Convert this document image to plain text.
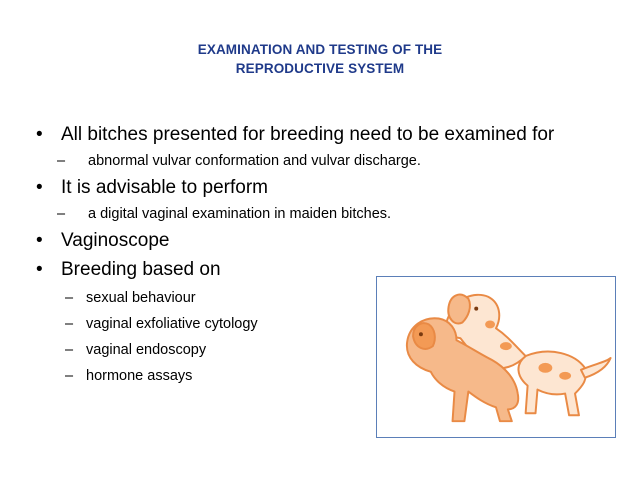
EXAMINATION AND TESTING OF THE
REPRODUCTIVE SYSTEM
• All bitches presented for breeding need to be examined for
– abnormal vulvar conformation and vulvar discharge.
• It is advisable to perform
– a digital vaginal examination in maiden bitches.
• Vaginoscope
• Breeding based on
– sexual behaviour
– vaginal exfoliative cytology
– vaginal endoscopy
– hormone assays
